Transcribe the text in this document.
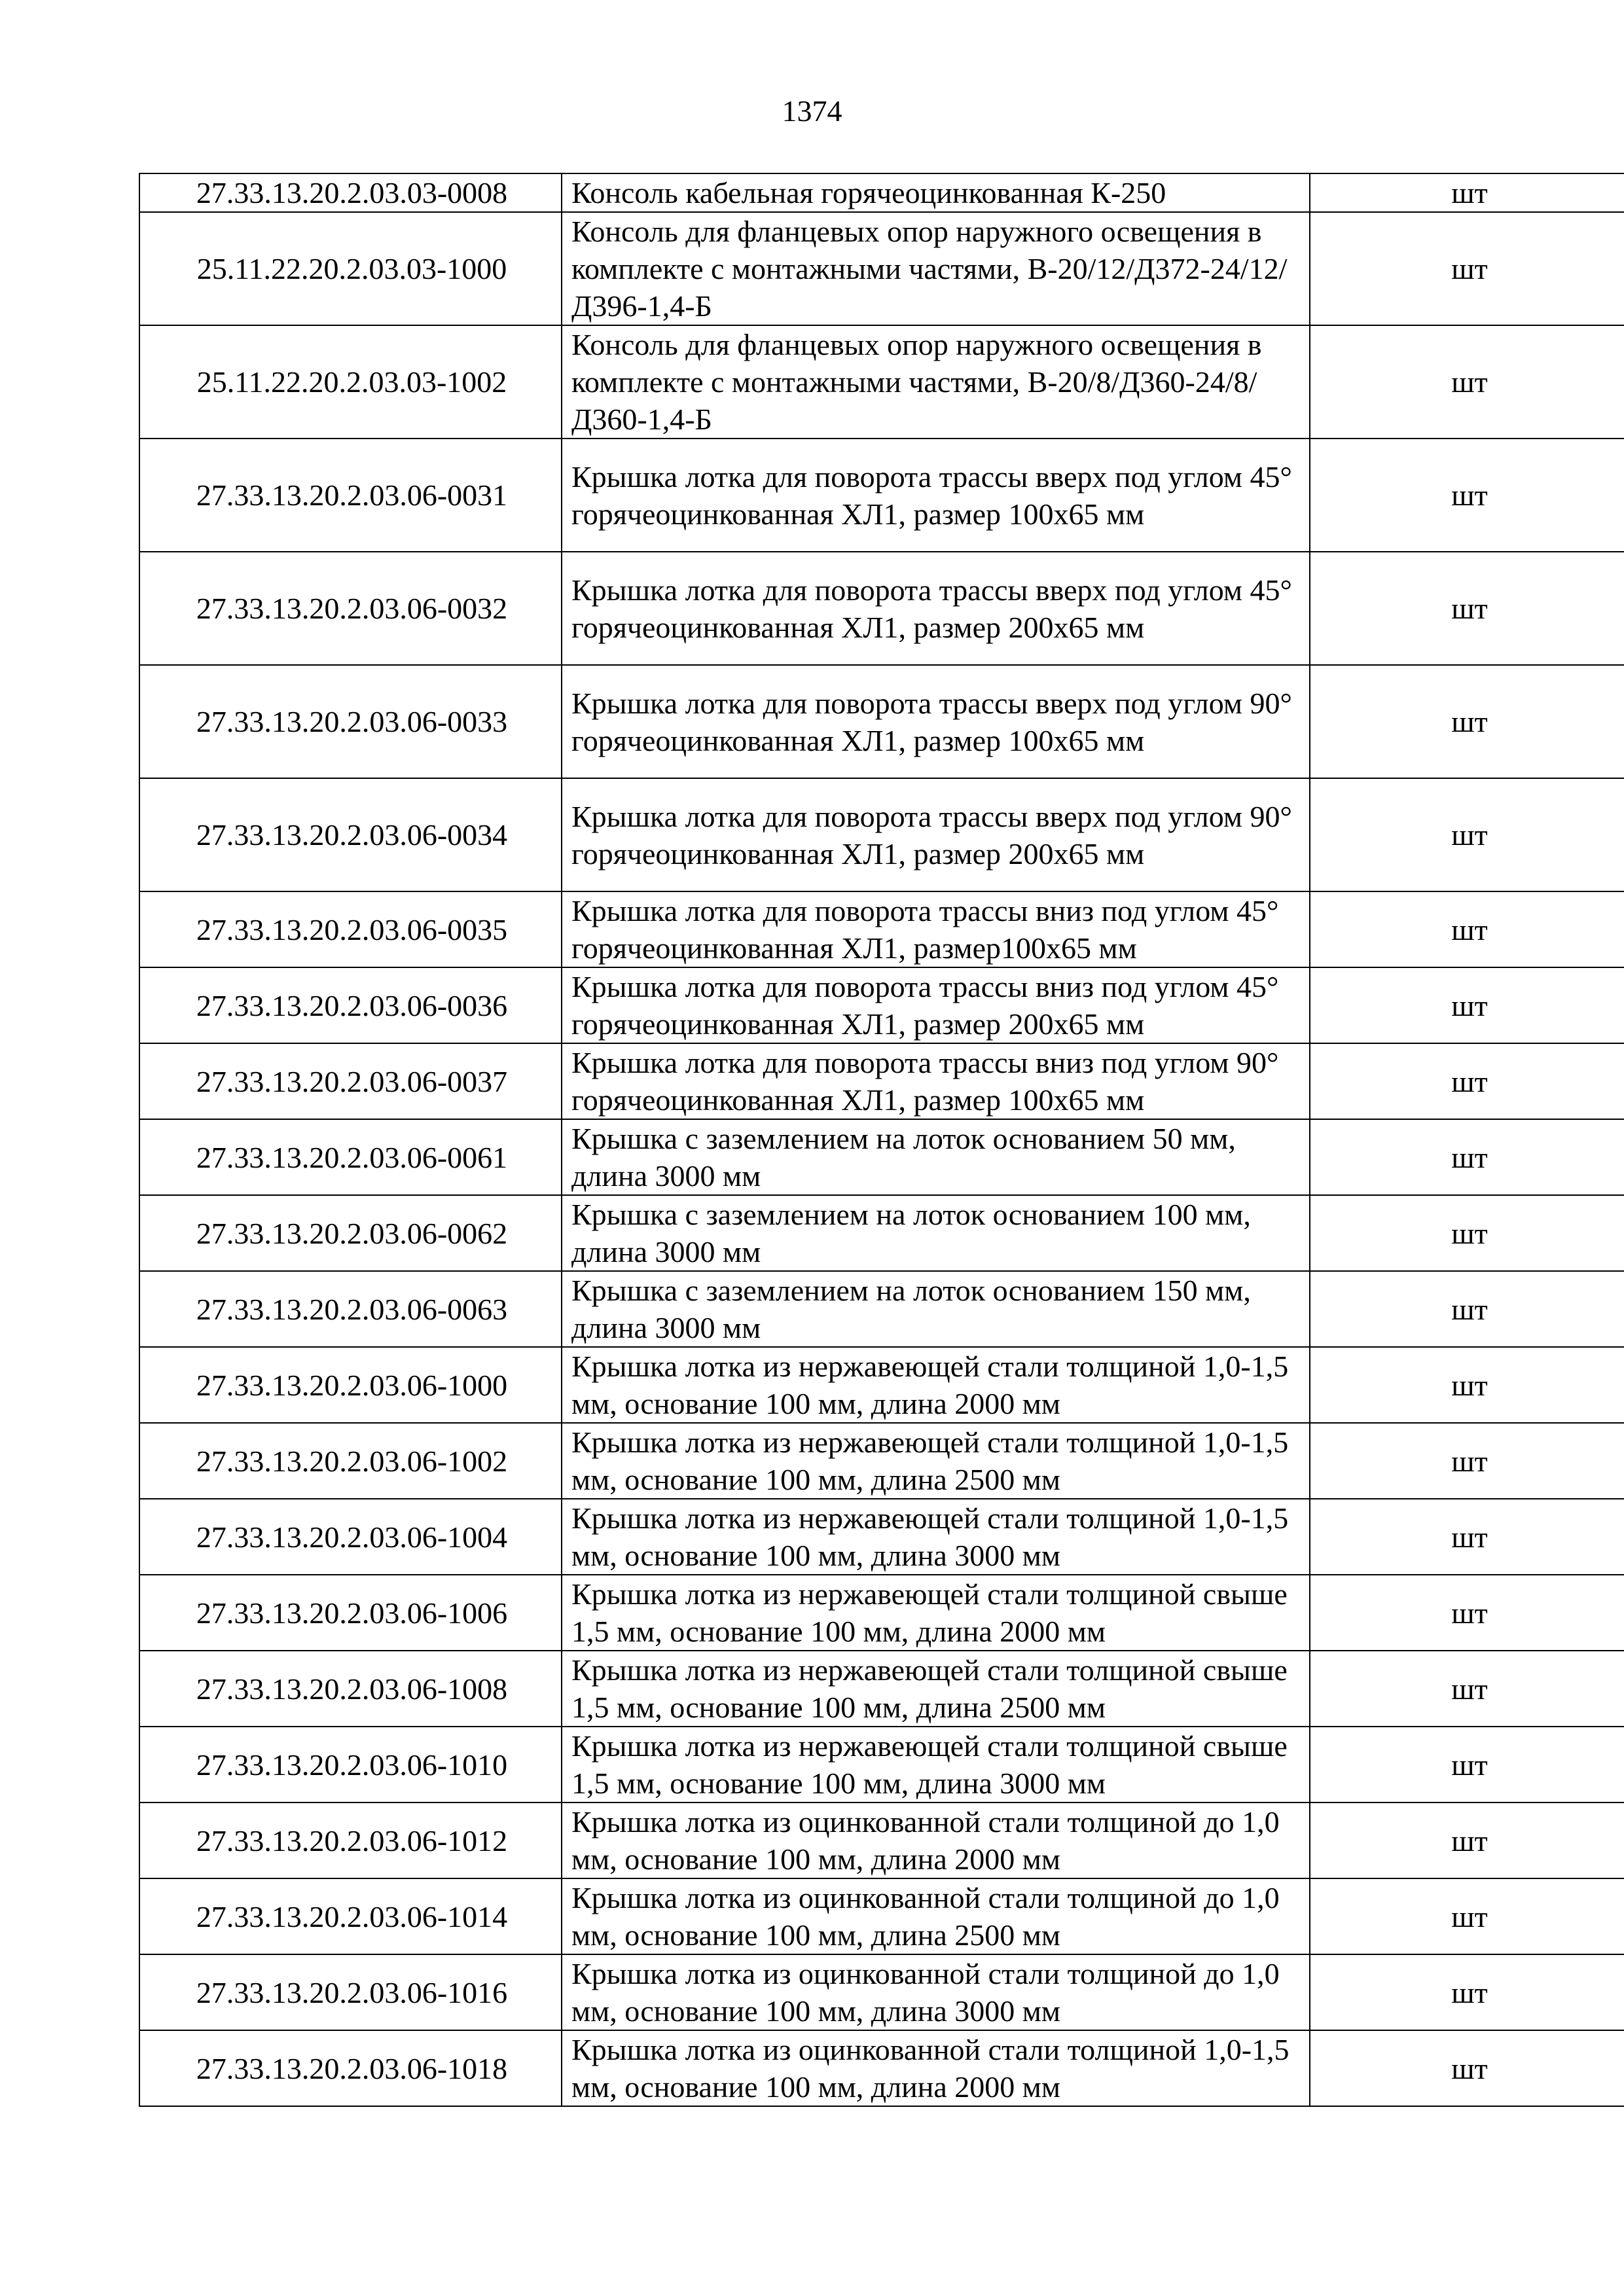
1374
27.33.13.20.2.03.03-0008	Консоль кабельная горячеоцинкованная К-250	шт
25.11.22.20.2.03.03-1000	Консоль для фланцевых опор наружного освещения в комплекте с монтажными частями, В-20/12/Д372-24/12/Д396-1,4-Б	шт
25.11.22.20.2.03.03-1002	Консоль для фланцевых опор наружного освещения в комплекте с монтажными частями, В-20/8/Д360-24/8/Д360-1,4-Б	шт
27.33.13.20.2.03.06-0031	Крышка лотка для поворота трассы вверх под углом 45° горячеоцинкованная ХЛ1, размер 100х65 мм	шт
27.33.13.20.2.03.06-0032	Крышка лотка для поворота трассы вверх под углом 45° горячеоцинкованная ХЛ1, размер 200х65 мм	шт
27.33.13.20.2.03.06-0033	Крышка лотка для поворота трассы вверх под углом 90° горячеоцинкованная ХЛ1, размер 100х65 мм	шт
27.33.13.20.2.03.06-0034	Крышка лотка для поворота трассы вверх под углом 90° горячеоцинкованная ХЛ1, размер 200х65 мм	шт
27.33.13.20.2.03.06-0035	Крышка лотка для поворота трассы вниз под углом 45° горячеоцинкованная ХЛ1, размер100х65 мм	шт
27.33.13.20.2.03.06-0036	Крышка лотка для поворота трассы вниз под углом 45° горячеоцинкованная ХЛ1, размер 200х65 мм	шт
27.33.13.20.2.03.06-0037	Крышка лотка для поворота трассы вниз под углом 90° горячеоцинкованная ХЛ1, размер 100х65 мм	шт
27.33.13.20.2.03.06-0061	Крышка с заземлением на лоток основанием 50 мм, длина 3000 мм	шт
27.33.13.20.2.03.06-0062	Крышка с заземлением на лоток основанием 100 мм, длина 3000 мм	шт
27.33.13.20.2.03.06-0063	Крышка с заземлением на лоток основанием 150 мм, длина 3000 мм	шт
27.33.13.20.2.03.06-1000	Крышка лотка из нержавеющей стали толщиной 1,0-1,5 мм, основание 100 мм, длина 2000 мм	шт
27.33.13.20.2.03.06-1002	Крышка лотка из нержавеющей стали толщиной 1,0-1,5 мм, основание 100 мм, длина 2500 мм	шт
27.33.13.20.2.03.06-1004	Крышка лотка из нержавеющей стали толщиной 1,0-1,5 мм, основание 100 мм, длина 3000 мм	шт
27.33.13.20.2.03.06-1006	Крышка лотка из нержавеющей стали толщиной свыше 1,5 мм, основание 100 мм, длина 2000 мм	шт
27.33.13.20.2.03.06-1008	Крышка лотка из нержавеющей стали толщиной свыше 1,5 мм, основание 100 мм, длина 2500 мм	шт
27.33.13.20.2.03.06-1010	Крышка лотка из нержавеющей стали толщиной свыше 1,5 мм, основание 100 мм, длина 3000 мм	шт
27.33.13.20.2.03.06-1012	Крышка лотка из оцинкованной стали толщиной до 1,0 мм, основание 100 мм, длина 2000 мм	шт
27.33.13.20.2.03.06-1014	Крышка лотка из оцинкованной стали толщиной до 1,0 мм, основание 100 мм, длина 2500 мм	шт
27.33.13.20.2.03.06-1016	Крышка лотка из оцинкованной стали толщиной до 1,0 мм, основание 100 мм, длина 3000 мм	шт
27.33.13.20.2.03.06-1018	Крышка лотка из оцинкованной стали толщиной 1,0-1,5 мм, основание 100 мм, длина 2000 мм	шт
